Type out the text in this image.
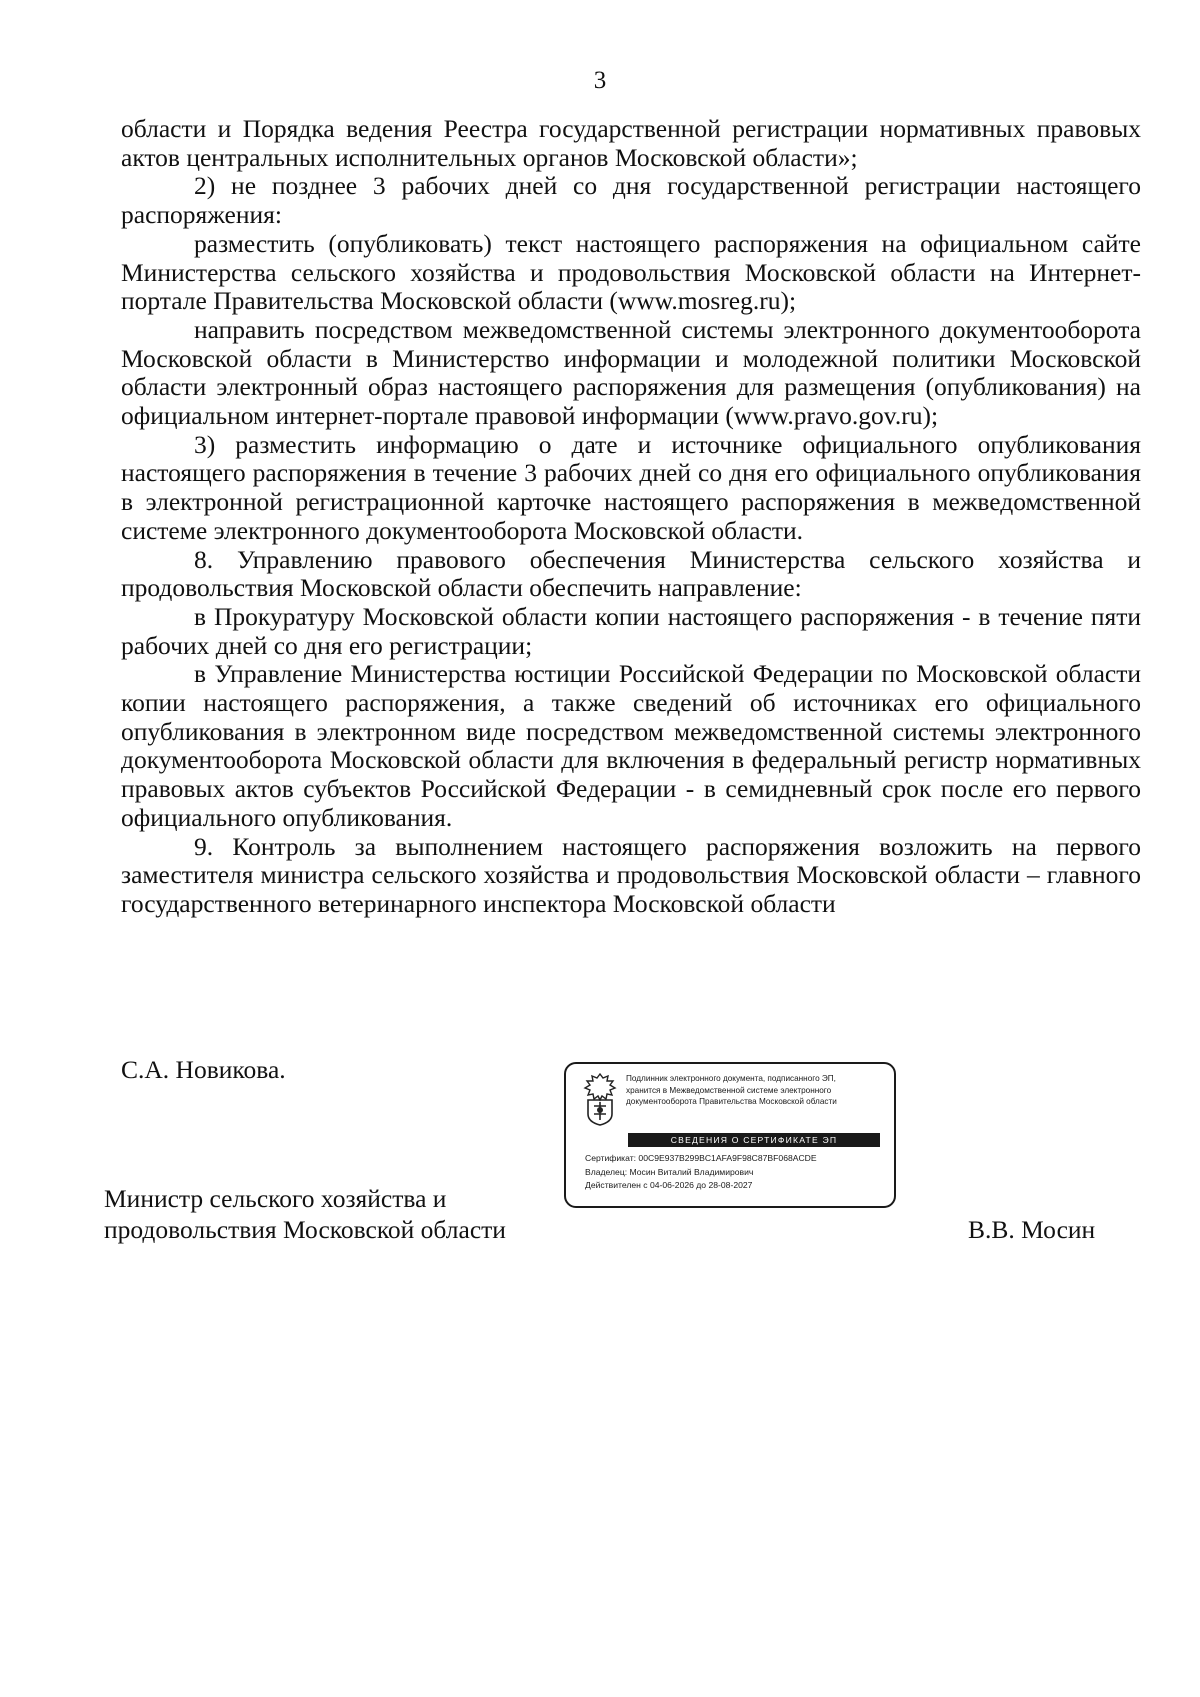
3

области и Порядка ведения Реестра государственной регистрации нормативных правовых актов центральных исполнительных органов Московской области»;

2) не позднее 3 рабочих дней со дня государственной регистрации настоящего распоряжения:

разместить (опубликовать) текст настоящего распоряжения на официальном сайте Министерства сельского хозяйства и продовольствия Московской области на Интернет-портале Правительства Московской области (www.mosreg.ru);

направить посредством межведомственной системы электронного документооборота Московской области в Министерство информации и молодежной политики Московской области электронный образ настоящего распоряжения для размещения (опубликования) на официальном интернет-портале правовой информации (www.pravo.gov.ru);

3) разместить информацию о дате и источнике официального опубликования настоящего распоряжения в течение 3 рабочих дней со дня его официального опубликования в электронной регистрационной карточке настоящего распоряжения в межведомственной системе электронного документооборота Московской области.

8. Управлению правового обеспечения Министерства сельского хозяйства и продовольствия Московской области обеспечить направление:

в Прокуратуру Московской области копии настоящего распоряжения - в течение пяти рабочих дней со дня его регистрации;

в Управление Министерства юстиции Российской Федерации по Московской области копии настоящего распоряжения, а также сведений об источниках его официального опубликования в электронном виде посредством межведомственной системы электронного документооборота Московской области для включения в федеральный регистр нормативных правовых актов субъектов Российской Федерации - в семидневный срок после его первого официального опубликования.

9. Контроль за выполнением настоящего распоряжения возложить на первого заместителя министра сельского хозяйства и продовольствия Московской области – главного государственного ветеринарного инспектора Московской области

С.А. Новикова.	Подлинник электронного документа, подписанного ЭП,
хранится в Межведомственной системе электронного
документооборота Правительства Московской области
СВЕДЕНИЯ О СЕРТИФИКАТЕ ЭП
Сертификат: 00C9E937B299BC1AFA9F98C87BF068ACDE
Владелец: Мосин Виталий Владимирович
Действителен с 04-06-2026 до 28-08-2027
Министр сельского хозяйства и
продовольствия Московской области	В.В. Мосин
